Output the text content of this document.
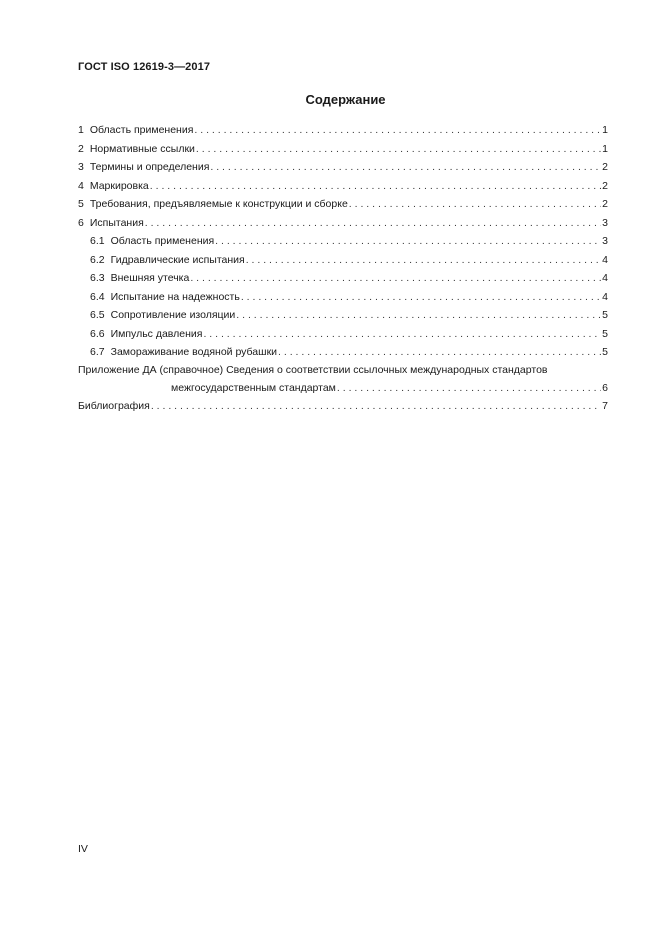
ГОСТ ISO 12619-3—2017
Содержание
1 Область применения . . .	1
2 Нормативные ссылки . . .	1
3 Термины и определения . . .	2
4 Маркировка . . .	2
5 Требования, предъявляемые к конструкции и сборке . . .	2
6 Испытания . . .	3
6.1 Область применения . . .	3
6.2 Гидравлические испытания . . .	4
6.3 Внешняя утечка . . .	4
6.4 Испытание на надежность . . .	4
6.5 Сопротивление изоляции . . .	5
6.6 Импульс давления . . .	5
6.7 Замораживание водяной рубашки . . .	5
Приложение ДА (справочное) Сведения о соответствии ссылочных международных стандартов
межгосударственным стандартам . . .	6
Библиография . . .	7
IV
